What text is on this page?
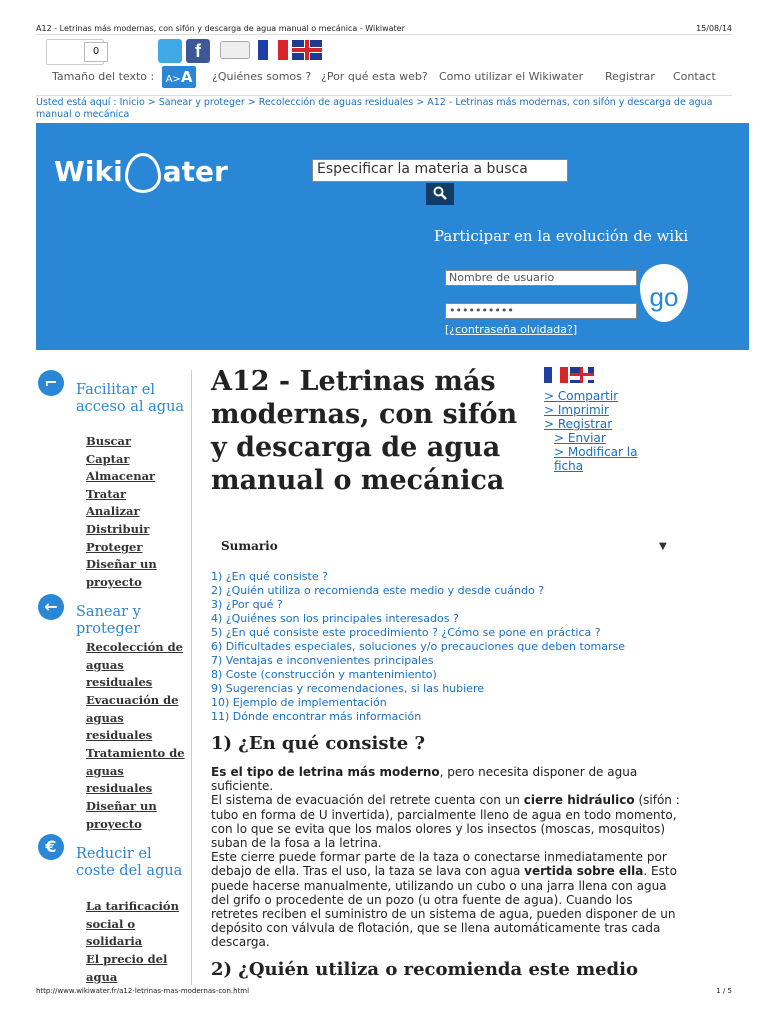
A12 - Letrinas más modernas, con sifón y descarga de agua manual o mecánica - Wikiwater	15/08/14
0	f
Tamaño del texto :	A>A	¿Quiénes somos ? ¿Por qué esta web? Como utilizar el Wikiwater Registrar Contact
Usted está aquí : Inicio > Sanear y proteger > Recolección de aguas residuales > A12 - Letrinas más modernas, con sifón y descarga de agua manual o mecánica
Wiki ater	Especificar la materia a busca
Participar en la evolución de wiki
Nombre de usuario
••••••••••	go
[¿contraseña olvidada?]
⌐	Facilitar el acceso al agua
Buscar
Captar
Almacenar
Tratar
Analizar
Distribuir
Proteger
Diseñar un proyecto
←	Sanear y proteger
Recolección de aguas residuales
Evacuación de aguas residuales
Tratamiento de aguas residuales
Diseñar un proyecto
€	Reducir el coste del agua
La tarificación social o solidaria
El precio del agua
A12 - Letrinas más modernas, con sifón y descarga de agua manual o mecánica
> Compartir
> Imprimir
> Registrar
> Enviar
> Modificar la
ficha
Sumario	▼
1) ¿En qué consiste ?
2) ¿Quién utiliza o recomienda este medio y desde cuándo ?
3) ¿Por qué ?
4) ¿Quiénes son los principales interesados ?
5) ¿En qué consiste este procedimiento ? ¿Cómo se pone en práctica ?
6) Dificultades especiales, soluciones y/o precauciones que deben tomarse
7) Ventajas e inconvenientes principales
8) Coste (construcción y mantenimiento)
9) Sugerencias y recomendaciones, si las hubiere
10) Ejemplo de implementación
11) Dónde encontrar más información
1) ¿En qué consiste ?

Es el tipo de letrina más moderno, pero necesita disponer de agua suficiente.

El sistema de evacuación del retrete cuenta con un cierre hidráulico (sifón : tubo en forma de U invertida), parcialmente lleno de agua en todo momento, con lo que se evita que los malos olores y los insectos (moscas, mosquitos) suban de la fosa a la letrina.

Este cierre puede formar parte de la taza o conectarse inmediatamente por debajo de ella. Tras el uso, la taza se lava con agua vertida sobre ella. Esto puede hacerse manualmente, utilizando un cubo o una jarra llena con agua del grifo o procedente de un pozo (u otra fuente de agua). Cuando los retretes reciben el suministro de un sistema de agua, pueden disponer de un depósito con válvula de flotación, que se llena automáticamente tras cada descarga.

2) ¿Quién utiliza o recomienda este medio
http://www.wikiwater.fr/a12-letrinas-mas-modernas-con.html	1 / 5
